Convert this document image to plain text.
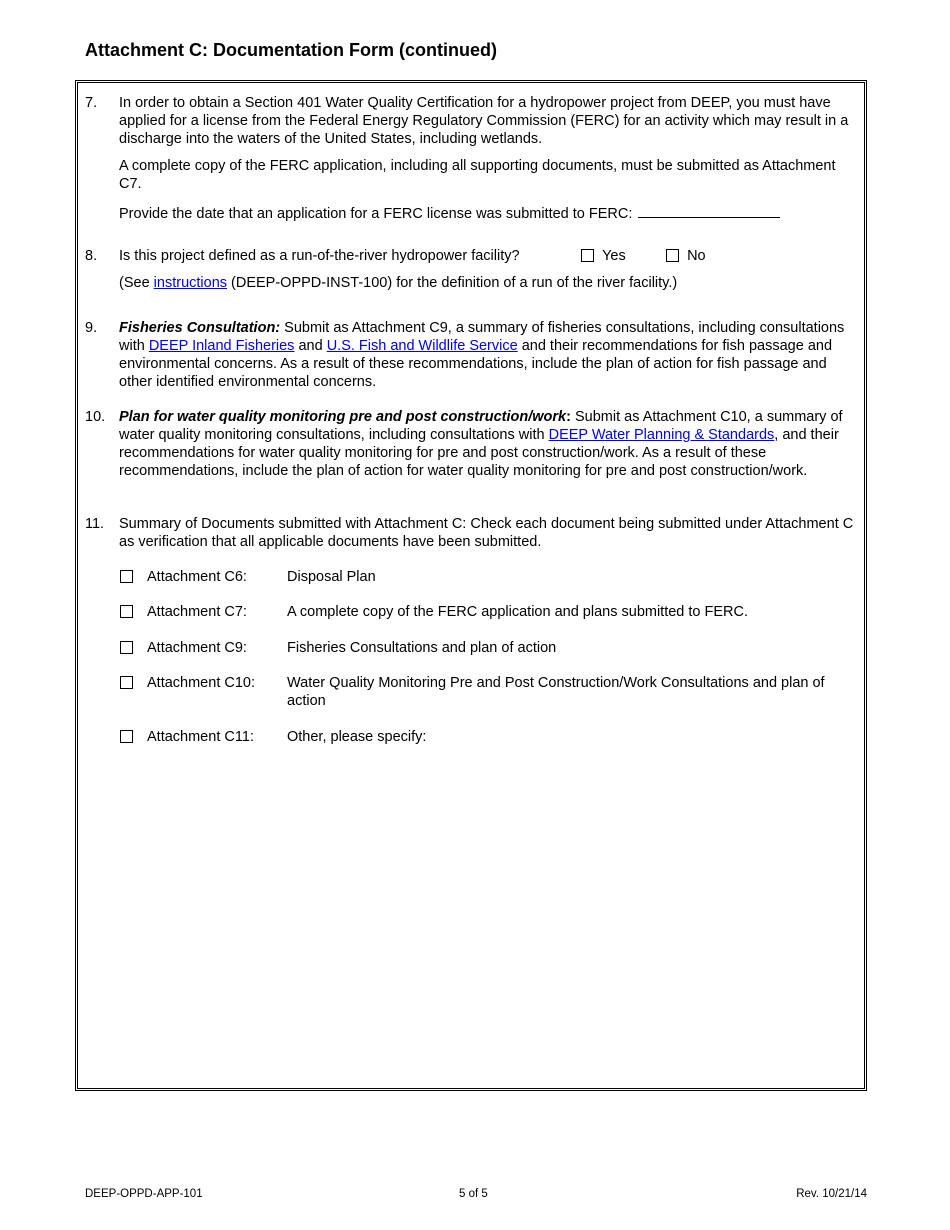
Attachment C: Documentation Form (continued)
7. In order to obtain a Section 401 Water Quality Certification for a hydropower project from DEEP, you must have applied for a license from the Federal Energy Regulatory Commission (FERC) for an activity which may result in a discharge into the waters of the United States, including wetlands.

A complete copy of the FERC application, including all supporting documents, must be submitted as Attachment C7.

Provide the date that an application for a FERC license was submitted to FERC:

8. Is this project defined as a run-of-the-river hydropower facility?	Yes	No
(See instructions (DEEP-OPPD-INST-100) for the definition of a run of the river facility.)
9. Fisheries Consultation: Submit as Attachment C9, a summary of fisheries consultations, including consultations with DEEP Inland Fisheries and U.S. Fish and Wildlife Service and their recommendations for fish passage and environmental concerns. As a result of these recommendations, include the plan of action for fish passage and other identified environmental concerns.
10. Plan for water quality monitoring pre and post construction/work: Submit as Attachment C10, a summary of water quality monitoring consultations, including consultations with DEEP Water Planning & Standards, and their recommendations for water quality monitoring for pre and post construction/work. As a result of these recommendations, include the plan of action for water quality monitoring for pre and post construction/work.
11. Summary of Documents submitted with Attachment C: Check each document being submitted under Attachment C as verification that all applicable documents have been submitted.
Attachment C6:	Disposal Plan
Attachment C7:	A complete copy of the FERC application and plans submitted to FERC.
Attachment C9:	Fisheries Consultations and plan of action
Attachment C10: Water Quality Monitoring Pre and Post Construction/Work Consultations and plan of action
Attachment C11: Other, please specify:
DEEP-OPPD-APP-101	5 of 5	Rev. 10/21/14
